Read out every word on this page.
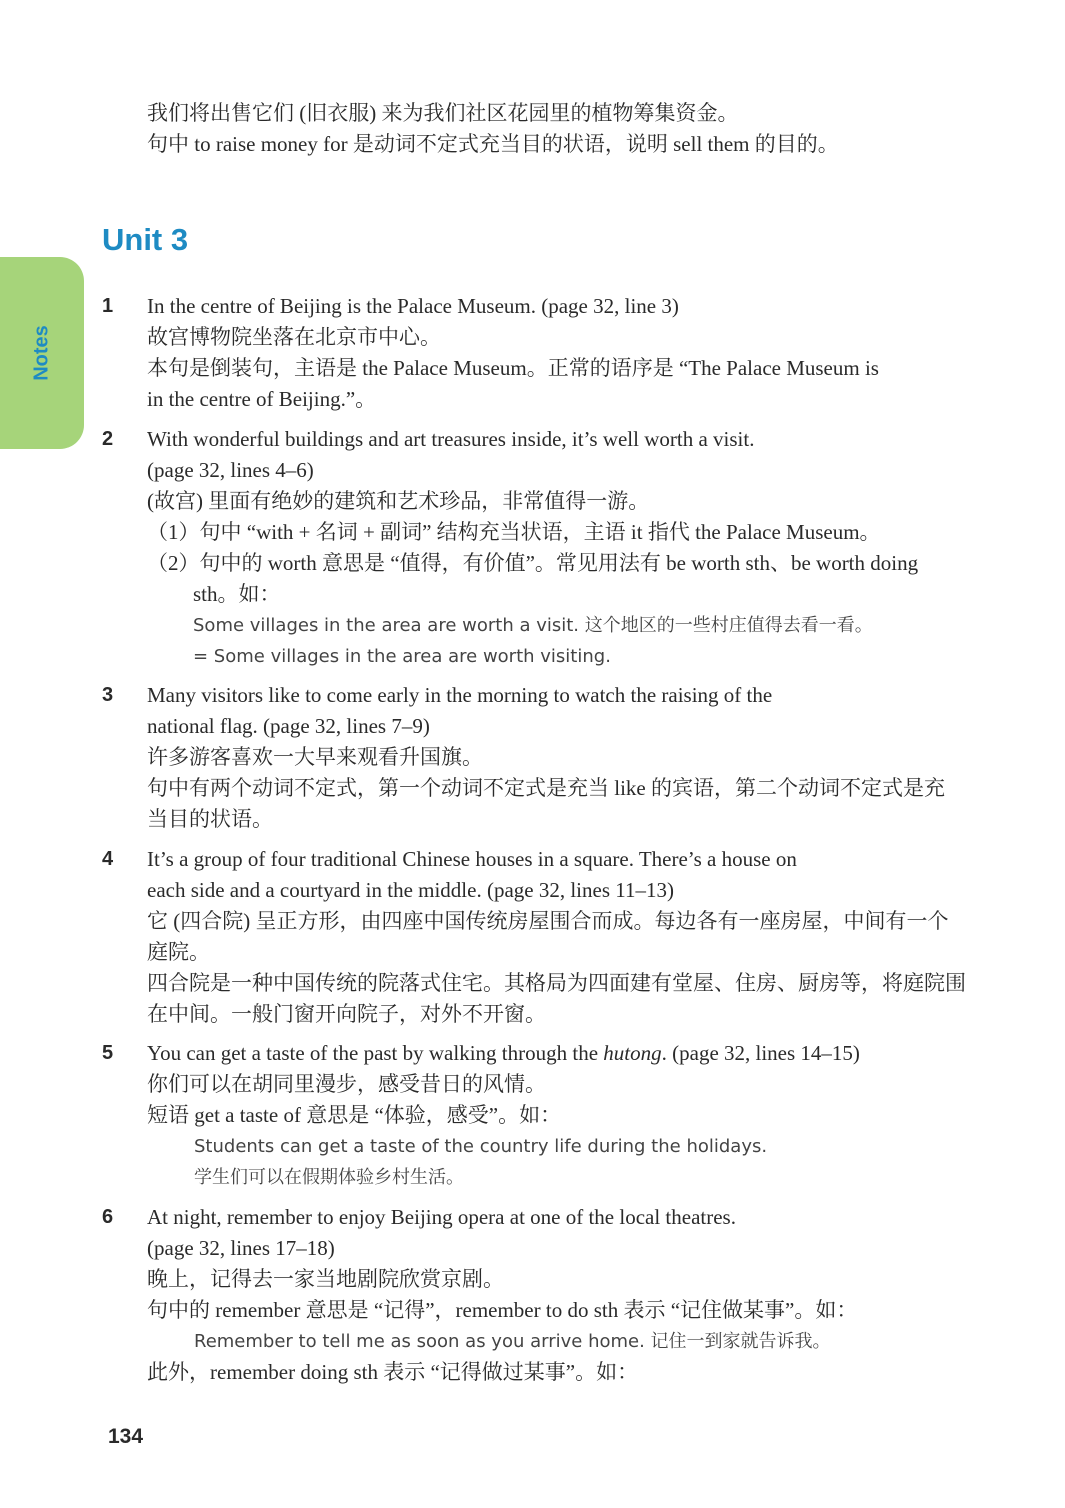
我们将出售它们 (旧衣服) 来为我们社区花园里的植物筹集资金。
句中 to raise money for 是动词不定式充当目的状语，说明 sell them 的目的。
Unit 3
Notes
1	In the centre of Beijing is the Palace Museum. (page 32, line 3)
故宫博物院坐落在北京市中心。
本句是倒装句，主语是 the Palace Museum。正常的语序是 “The Palace Museum is
in the centre of Beijing.”。
2	With wonderful buildings and art treasures inside, it’s well worth a visit.
(page 32, lines 4–6)
(故宫) 里面有绝妙的建筑和艺术珍品，非常值得一游。
（1）句中 “with + 名词 + 副词” 结构充当状语，主语 it 指代 the Palace Museum。
（2）句中的 worth 意思是 “值得，有价值”。常见用法有 be worth sth、be worth doing
sth。如：
Some villages in the area are worth a visit. 这个地区的一些村庄值得去看一看。
= Some villages in the area are worth visiting.
3	Many visitors like to come early in the morning to watch the raising of the
national flag. (page 32, lines 7–9)
许多游客喜欢一大早来观看升国旗。
句中有两个动词不定式，第一个动词不定式是充当 like 的宾语，第二个动词不定式是充
当目的状语。
4	It’s a group of four traditional Chinese houses in a square. There’s a house on
each side and a courtyard in the middle. (page 32, lines 11–13)
它 (四合院) 呈正方形，由四座中国传统房屋围合而成。每边各有一座房屋，中间有一个
庭院。
四合院是一种中国传统的院落式住宅。其格局为四面建有堂屋、住房、厨房等，将庭院围
在中间。一般门窗开向院子，对外不开窗。
5	You can get a taste of the past by walking through the hutong. (page 32, lines 14–15)
你们可以在胡同里漫步，感受昔日的风情。
短语 get a taste of 意思是 “体验，感受”。如：
Students can get a taste of the country life during the holidays.
学生们可以在假期体验乡村生活。
6	At night, remember to enjoy Beijing opera at one of the local theatres.
(page 32, lines 17–18)
晚上，记得去一家当地剧院欣赏京剧。
句中的 remember 意思是 “记得”，remember to do sth 表示 “记住做某事”。如：
Remember to tell me as soon as you arrive home. 记住一到家就告诉我。
此外，remember doing sth 表示 “记得做过某事”。如：
134
